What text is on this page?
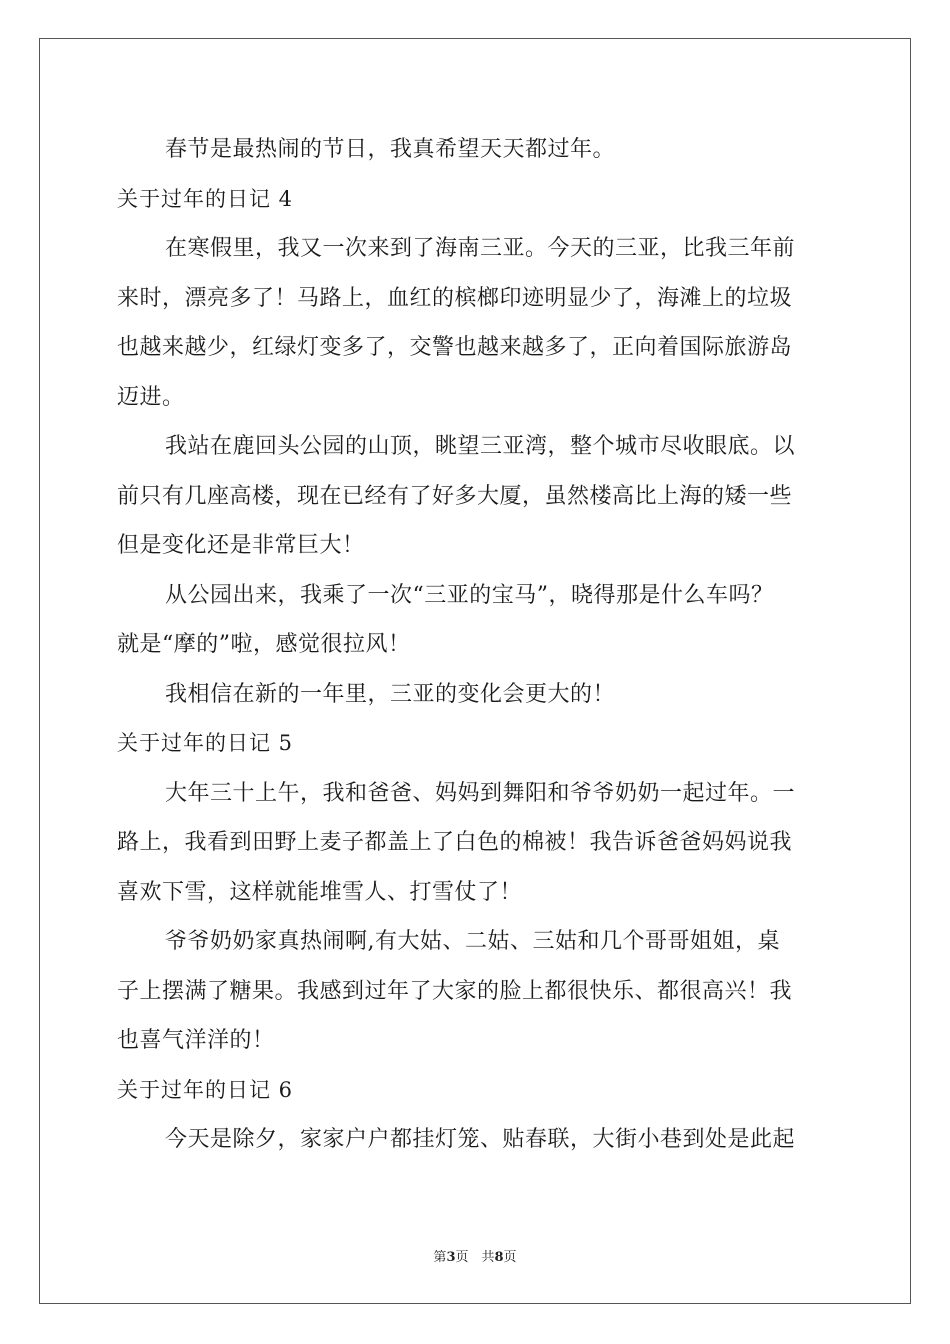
春节是最热闹的节日，我真希望天天都过年。
关于过年的日记 4
在寒假里，我又一次来到了海南三亚。今天的三亚，比我三年前
来时，漂亮多了！马路上，血红的槟榔印迹明显少了，海滩上的垃圾
也越来越少，红绿灯变多了，交警也越来越多了，正向着国际旅游岛
迈进。
我站在鹿回头公园的山顶，眺望三亚湾，整个城市尽收眼底。以
前只有几座高楼，现在已经有了好多大厦，虽然楼高比上海的矮一些
但是变化还是非常巨大！
从公园出来，我乘了一次“三亚的宝马”，晓得那是什么车吗？
就是“摩的”啦，感觉很拉风！
我相信在新的一年里，三亚的变化会更大的！
关于过年的日记 5
大年三十上午，我和爸爸、妈妈到舞阳和爷爷奶奶一起过年。一
路上，我看到田野上麦子都盖上了白色的棉被！我告诉爸爸妈妈说我
喜欢下雪，这样就能堆雪人、打雪仗了！
爷爷奶奶家真热闹啊,有大姑、二姑、三姑和几个哥哥姐姐，桌
子上摆满了糖果。我感到过年了大家的脸上都很快乐、都很高兴！我
也喜气洋洋的！
关于过年的日记 6
今天是除夕，家家户户都挂灯笼、贴春联，大街小巷到处是此起
第3页　共8页
